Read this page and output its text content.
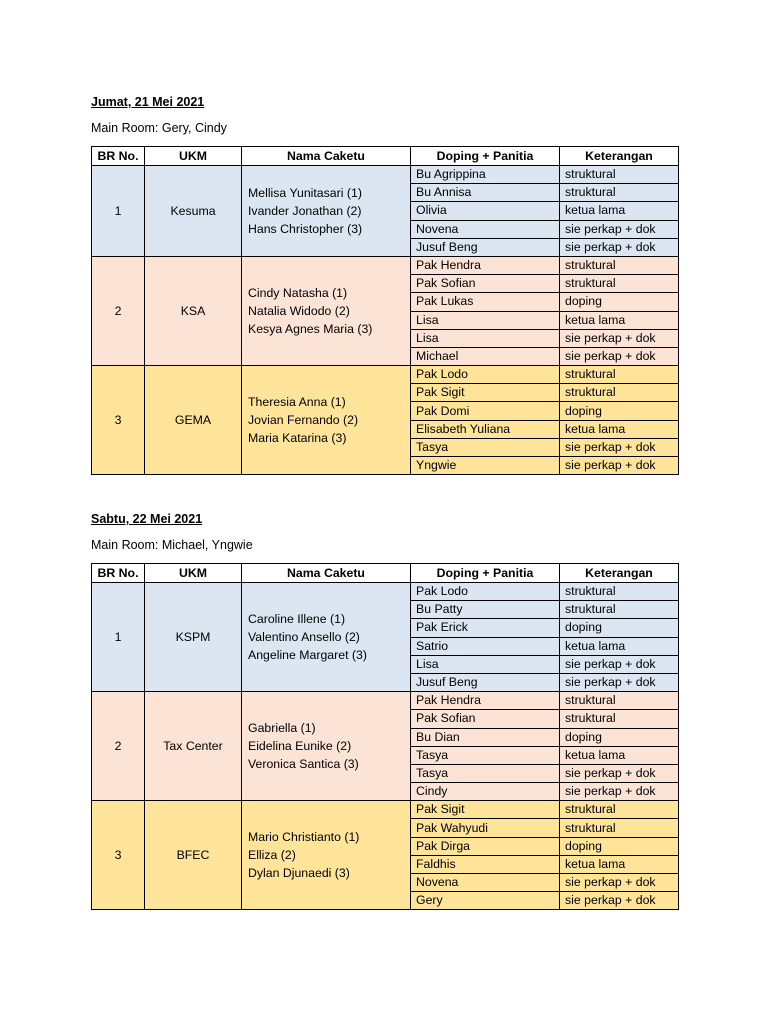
Jumat, 21 Mei 2021
Main Room: Gery, Cindy
BR No.	UKM	Nama Caketu	Doping + Panitia	Keterangan
1	Kesuma	Mellisa Yunitasari (1)
Ivander Jonathan (2)
Hans Christopher (3)	Bu Agrippina	struktural
			Bu Annisa	struktural
			Olivia	ketua lama
			Novena	sie perkap + dok
			Jusuf Beng	sie perkap + dok
2	KSA	Cindy Natasha (1)
Natalia Widodo (2)
Kesya Agnes Maria (3)	Pak Hendra	struktural
			Pak Sofian	struktural
			Pak Lukas	doping
			Lisa	ketua lama
			Lisa	sie perkap + dok
			Michael	sie perkap + dok
3	GEMA	Theresia Anna (1)
Jovian Fernando (2)
Maria Katarina (3)	Pak Lodo	struktural
			Pak Sigit	struktural
			Pak Domi	doping
			Elisabeth Yuliana	ketua lama
			Tasya	sie perkap + dok
			Yngwie	sie perkap + dok
Sabtu, 22 Mei 2021
Main Room: Michael, Yngwie
BR No.	UKM	Nama Caketu	Doping + Panitia	Keterangan
1	KSPM	Caroline Illene (1)
Valentino Ansello (2)
Angeline Margaret (3)	Pak Lodo	struktural
			Bu Patty	struktural
			Pak Erick	doping
			Satrio	ketua lama
			Lisa	sie perkap + dok
			Jusuf Beng	sie perkap + dok
2	Tax Center	Gabriella (1)
Eidelina Eunike (2)
Veronica Santica (3)	Pak Hendra	struktural
			Pak Sofian	struktural
			Bu Dian	doping
			Tasya	ketua lama
			Tasya	sie perkap + dok
			Cindy	sie perkap + dok
3	BFEC	Mario Christianto (1)
Elliza (2)
Dylan Djunaedi (3)	Pak Sigit	struktural
			Pak Wahyudi	struktural
			Pak Dirga	doping
			Faldhis	ketua lama
			Novena	sie perkap + dok
			Gery	sie perkap + dok
